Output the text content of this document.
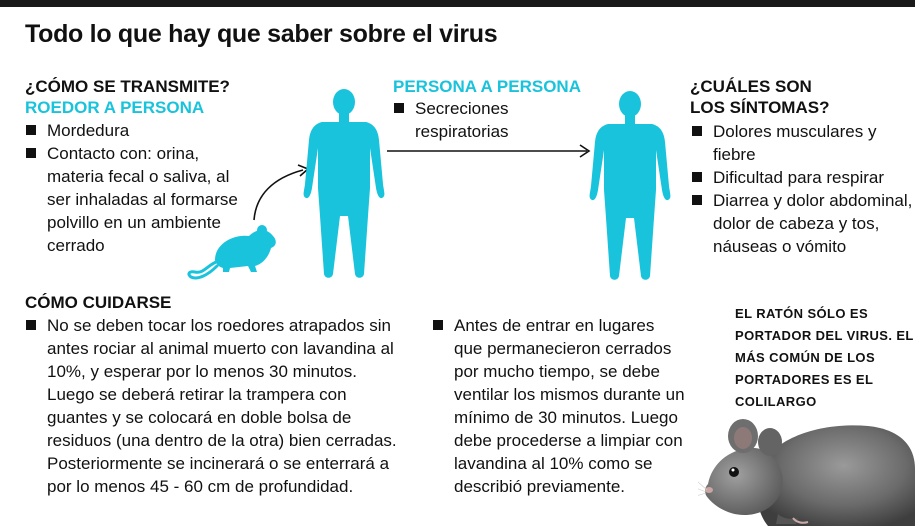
Todo lo que hay que saber sobre el virus
¿CÓMO SE TRANSMITE?
ROEDOR A PERSONA
Mordedura
Contacto con: orina, materia fecal o saliva, al ser inhaladas al formarse polvillo en un ambiente cerrado
PERSONA A PERSONA
Secreciones respiratorias
¿CUÁLES SON
LOS SÍNTOMAS?
Dolores musculares y fiebre
Dificultad para respirar
Diarrea y dolor abdominal, dolor de cabeza y tos, náuseas o vómito
CÓMO CUIDARSE
No se deben tocar los roedores atrapados sin antes rociar al animal muerto con lavandina al 10%, y esperar por lo menos 30 minutos. Luego se deberá retirar la trampera con guantes y se colocará en doble bolsa de residuos (una dentro de la otra) bien cerradas. Posteriormente se incinerará o se enterrará a por lo menos 45 - 60 cm de profundidad.
Antes de entrar en lugares que permanecieron cerrados por mucho tiempo, se debe ventilar los mismos durante un mínimo de 30 minutos. Luego debe procederse a limpiar con lavandina al 10% como se describió previamente.
EL RATÓN SÓLO ES PORTADOR DEL VIRUS. EL MÁS COMÚN DE LOS PORTADORES ES EL COLILARGO
